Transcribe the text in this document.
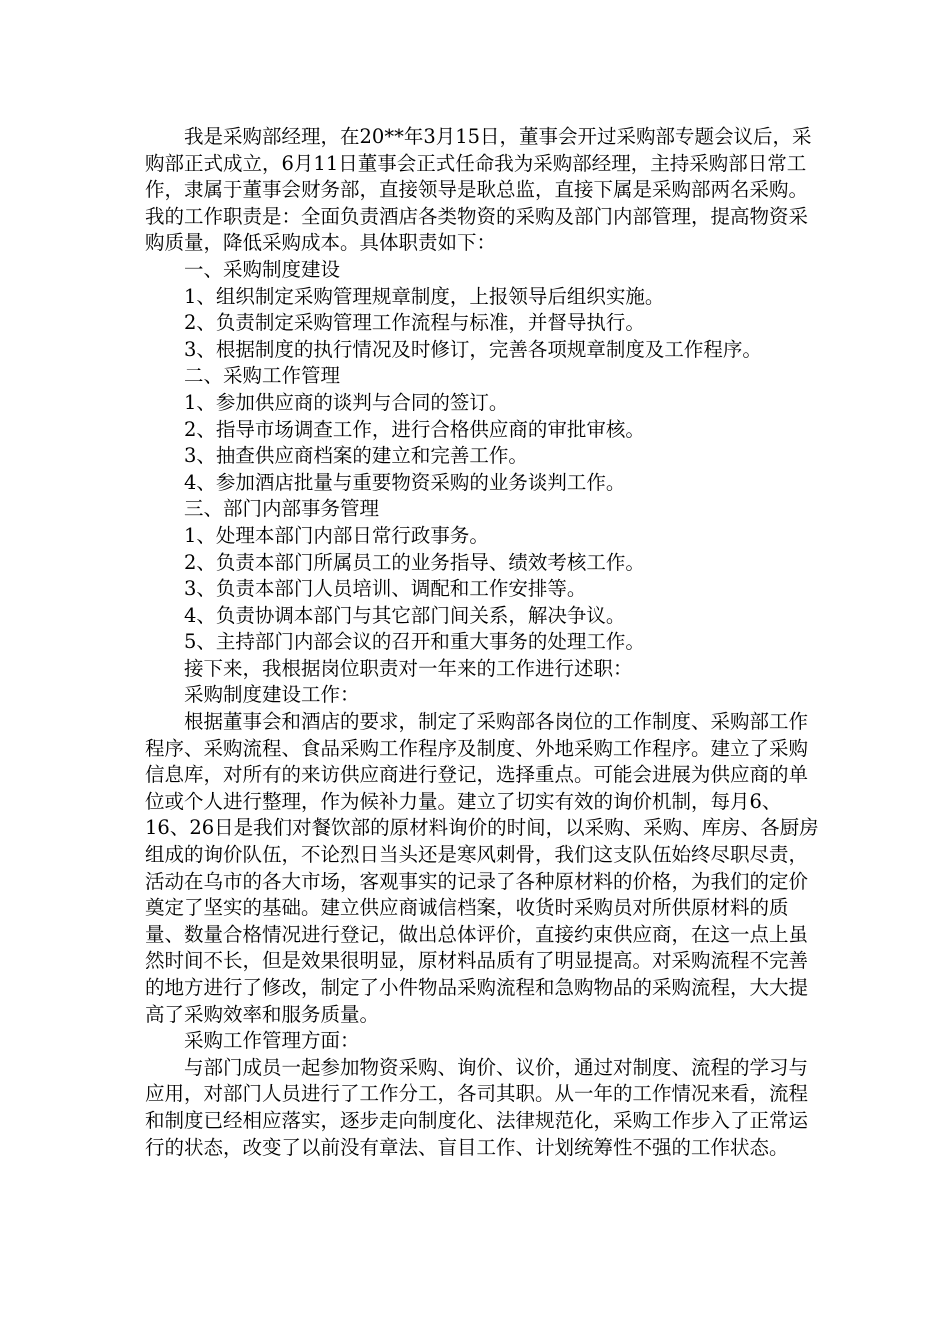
我是采购部经理，在20**年3月15日，董事会开过采购部专题会议后，采购部正式成立，6月11日董事会正式任命我为采购部经理，主持采购部日常工作，隶属于董事会财务部，直接领导是耿总监，直接下属是采购部两名采购。我的工作职责是：全面负责酒店各类物资的采购及部门内部管理，提高物资采购质量，降低采购成本。具体职责如下：

一、采购制度建设

1、组织制定采购管理规章制度，上报领导后组织实施。

2、负责制定采购管理工作流程与标准，并督导执行。

3、根据制度的执行情况及时修订，完善各项规章制度及工作程序。

二、采购工作管理

1、参加供应商的谈判与合同的签订。

2、指导市场调查工作，进行合格供应商的审批审核。

3、抽查供应商档案的建立和完善工作。

4、参加酒店批量与重要物资采购的业务谈判工作。

三、部门内部事务管理

1、处理本部门内部日常行政事务。

2、负责本部门所属员工的业务指导、绩效考核工作。

3、负责本部门人员培训、调配和工作安排等。

4、负责协调本部门与其它部门间关系，解决争议。

5、主持部门内部会议的召开和重大事务的处理工作。

接下来，我根据岗位职责对一年来的工作进行述职：

采购制度建设工作：

根据董事会和酒店的要求，制定了采购部各岗位的工作制度、采购部工作程序、采购流程、食品采购工作程序及制度、外地采购工作程序。建立了采购信息库，对所有的来访供应商进行登记，选择重点。可能会进展为供应商的单位或个人进行整理，作为候补力量。建立了切实有效的询价机制，每月6、16、26日是我们对餐饮部的原材料询价的时间，以采购、采购、库房、各厨房组成的询价队伍，不论烈日当头还是寒风刺骨，我们这支队伍始终尽职尽责，活动在乌市的各大市场，客观事实的记录了各种原材料的价格，为我们的定价奠定了坚实的基础。建立供应商诚信档案，收货时采购员对所供原材料的质量、数量合格情况进行登记，做出总体评价，直接约束供应商，在这一点上虽然时间不长，但是效果很明显，原材料品质有了明显提高。对采购流程不完善的地方进行了修改，制定了小件物品采购流程和急购物品的采购流程，大大提高了采购效率和服务质量。

采购工作管理方面：

与部门成员一起参加物资采购、询价、议价，通过对制度、流程的学习与应用，对部门人员进行了工作分工，各司其职。从一年的工作情况来看，流程和制度已经相应落实，逐步走向制度化、法律规范化，采购工作步入了正常运行的状态，改变了以前没有章法、盲目工作、计划统筹性不强的工作状态。
